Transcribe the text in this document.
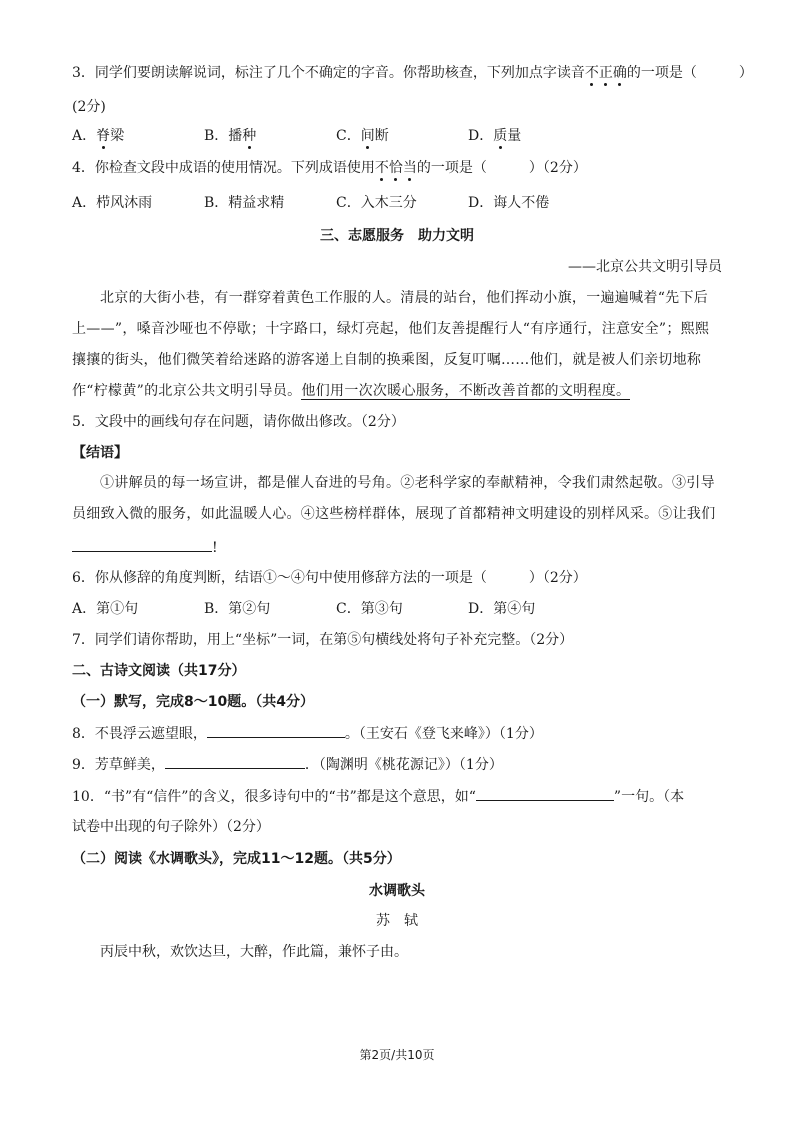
3．同学们要朗读解说词，标注了几个不确定的字音。你帮助核查，下列加点字读音不正确的一项是（　　　）
(2分)
A．脊梁	B．播种	C．间断	D．质量
4．你检查文段中成语的使用情况。下列成语使用不恰当的一项是（　　　）（2分）
A．栉风沐雨	B．精益求精	C．入木三分	D．诲人不倦
三、志愿服务　助力文明
——北京公共文明引导员
北京的大街小巷，有一群穿着黄色工作服的人。清晨的站台，他们挥动小旗，一遍遍喊着“先下后上——”，嗓音沙哑也不停歇；十字路口，绿灯亮起，他们友善提醒行人“有序通行，注意安全”；熙熙攘攘的街头，他们微笑着给迷路的游客递上自制的换乘图，反复叮嘱……他们，就是被人们亲切地称作“柠檬黄”的北京公共文明引导员。他们用一次次暖心服务，不断改善首都的文明程度。
5．文段中的画线句存在问题，请你做出修改。（2分）
【结语】
①讲解员的每一场宣讲，都是催人奋进的号角。②老科学家的奉献精神，令我们肃然起敬。③引导员细致入微的服务，如此温暖人心。④这些榜样群体，展现了首都精神文明建设的别样风采。⑤让我们
!
6．你从修辞的角度判断，结语①～④句中使用修辞方法的一项是（　　　）（2分）
A．第①句	B．第②句	C．第③句	D．第④句
7．同学们请你帮助，用上“坐标”一词，在第⑤句横线处将句子补充完整。（2分）
二、古诗文阅读（共17分）
（一）默写，完成8～10题。（共4分）
8．不畏浮云遮望眼，	。（王安石《登飞来峰》）（1分）
9．芳草鲜美，	．（陶渊明《桃花源记》）（1分）
10．“书”有“信件”的含义，很多诗句中的“书”都是这个意思，如“	”一句。（本
试卷中出现的句子除外）（2分）
（二）阅读《水调歌头》，完成11～12题。（共5分）
水调歌头
苏　轼
丙辰中秋，欢饮达旦，大醉，作此篇，兼怀子由。
第2页/共10页
